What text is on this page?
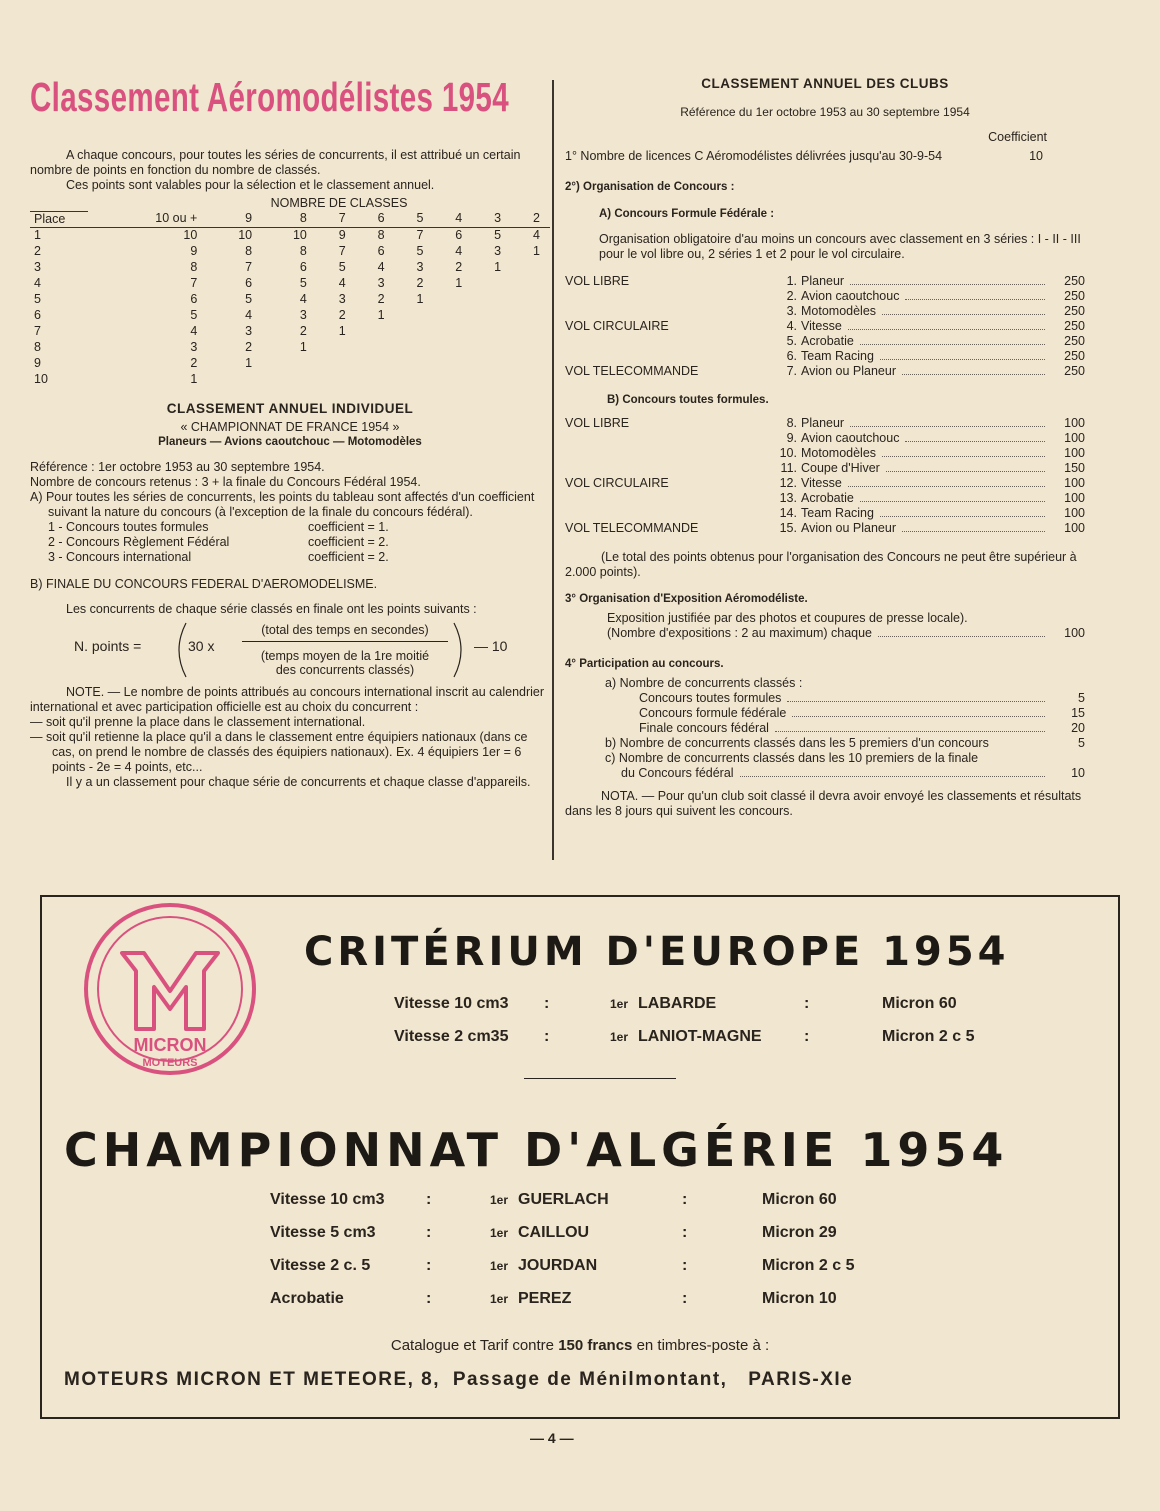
Classement Aéromodélistes 1954

A chaque concours, pour toutes les séries de concurrents, il est attribué un certain nombre de points en fonction du nombre de classés.

Ces points sont valables pour la sélection et le classement annuel.

	NOMBRE DE CLASSES								
Place	10 ou +	9	8	7	6	5	4	3	2
1	10	10	10	9	8	7	6	5	4
2	9	8	8	7	6	5	4	3	1
3	8	7	6	5	4	3	2	1	
4	7	6	5	4	3	2	1		
5	6	5	4	3	2	1			
6	5	4	3	2	1				
7	4	3	2	1					
8	3	2	1						
9	2	1							
10	1								

CLASSEMENT ANNUEL INDIVIDUEL

« CHAMPIONNAT DE FRANCE 1954 »

Planeurs — Avions caoutchouc — Motomodèles

Référence : 1er octobre 1953 au 30 septembre 1954.

Nombre de concours retenus : 3 + la finale du Concours Fédéral 1954.

A) Pour toutes les séries de concurrents, les points du tableau sont affectés d'un coefficient suivant la nature du concours (à l'exception de la finale du concours fédéral).

1 - Concours toutes formules	coefficient = 1.
2 - Concours Règlement Fédéral	coefficient = 2.
3 - Concours international	coefficient = 2.

B) FINALE DU CONCOURS FEDERAL D'AEROMODELISME.

Les concurrents de chaque série classés en finale ont les points suivants :

N. points =	30 x
(total des temps en secondes)
(temps moyen de la 1re moitié
des concurrents classés)
— 10

NOTE. — Le nombre de points attribués au concours international inscrit au calendrier international et avec participation officielle est au choix du concurrent :

— soit qu'il prenne la place dans le classement international.

— soit qu'il retienne la place qu'il a dans le classement entre équipiers nationaux (dans ce cas, on prend le nombre de classés des équipiers nationaux). Ex. 4 équipiers 1er = 6 points - 2e = 4 points, etc...

Il y a un classement pour chaque série de concurrents et chaque classe d'appareils.

CLASSEMENT ANNUEL DES CLUBS

Référence du 1er octobre 1953 au 30 septembre 1954

Coefficient

1° Nombre de licences C Aéromodélistes délivrées jusqu'au 30-9-54	10

2°) Organisation de Concours :

A) Concours Formule Fédérale :

Organisation obligatoire d'au moins un concours avec classement en 3 séries : I - II - III pour le vol libre ou, 2 séries 1 et 2 pour le vol circulaire.

VOL LIBRE	1. Planeur	250
2. Avion caoutchouc	250
3. Motomodèles	250
VOL CIRCULAIRE	4. Vitesse	250
5. Acrobatie	250
6. Team Racing	250
VOL TELECOMMANDE	7. Avion ou Planeur	250

B) Concours toutes formules.

VOL LIBRE	8. Planeur	100
9. Avion caoutchouc	100
10. Motomodèles	100
11. Coupe d'Hiver	150
VOL CIRCULAIRE	12. Vitesse	100
13. Acrobatie	100
14. Team Racing	100
VOL TELECOMMANDE	15. Avion ou Planeur	100

(Le total des points obtenus pour l'organisation des Concours ne peut être supérieur à 2.000 points).

3° Organisation d'Exposition Aéromodéliste.

Exposition justifiée par des photos et coupures de presse locale).

(Nombre d'expositions : 2 au maximum) chaque	100

4° Participation au concours.

a) Nombre de concurrents classés :

Concours toutes formules	5
Concours formule fédérale	15
Finale concours fédéral	20
b) Nombre de concurrents classés dans les 5 premiers d'un concours	5

c) Nombre de concurrents classés dans les 10 premiers de la finale

du Concours fédéral	10

NOTA. — Pour qu'un club soit classé il devra avoir envoyé les classements et résultats dans les 8 jours qui suivent les concours.

MICRON
MOTEURS
CRITÉRIUM D'EUROPE 1954
Vitesse 10 cm3 :	1er LABARDE	:	Micron 60
Vitesse 2 cm35 :	1er LANIOT-MAGNE	:	Micron 2 c 5
CHAMPIONNAT D'ALGÉRIE 1954
Vitesse 10 cm3	:	1er GUERLACH	:	Micron 60
Vitesse 5 cm3	:	1er CAILLOU	:	Micron 29
Vitesse 2 c. 5	:	1er JOURDAN	:	Micron 2 c 5
Acrobatie	:	1er PEREZ	:	Micron 10
Catalogue et Tarif contre 150 francs en timbres-poste à :
MOTEURS MICRON ET METEORE, 8, Passage de Ménilmontant, PARIS-XIe
— 4 —
